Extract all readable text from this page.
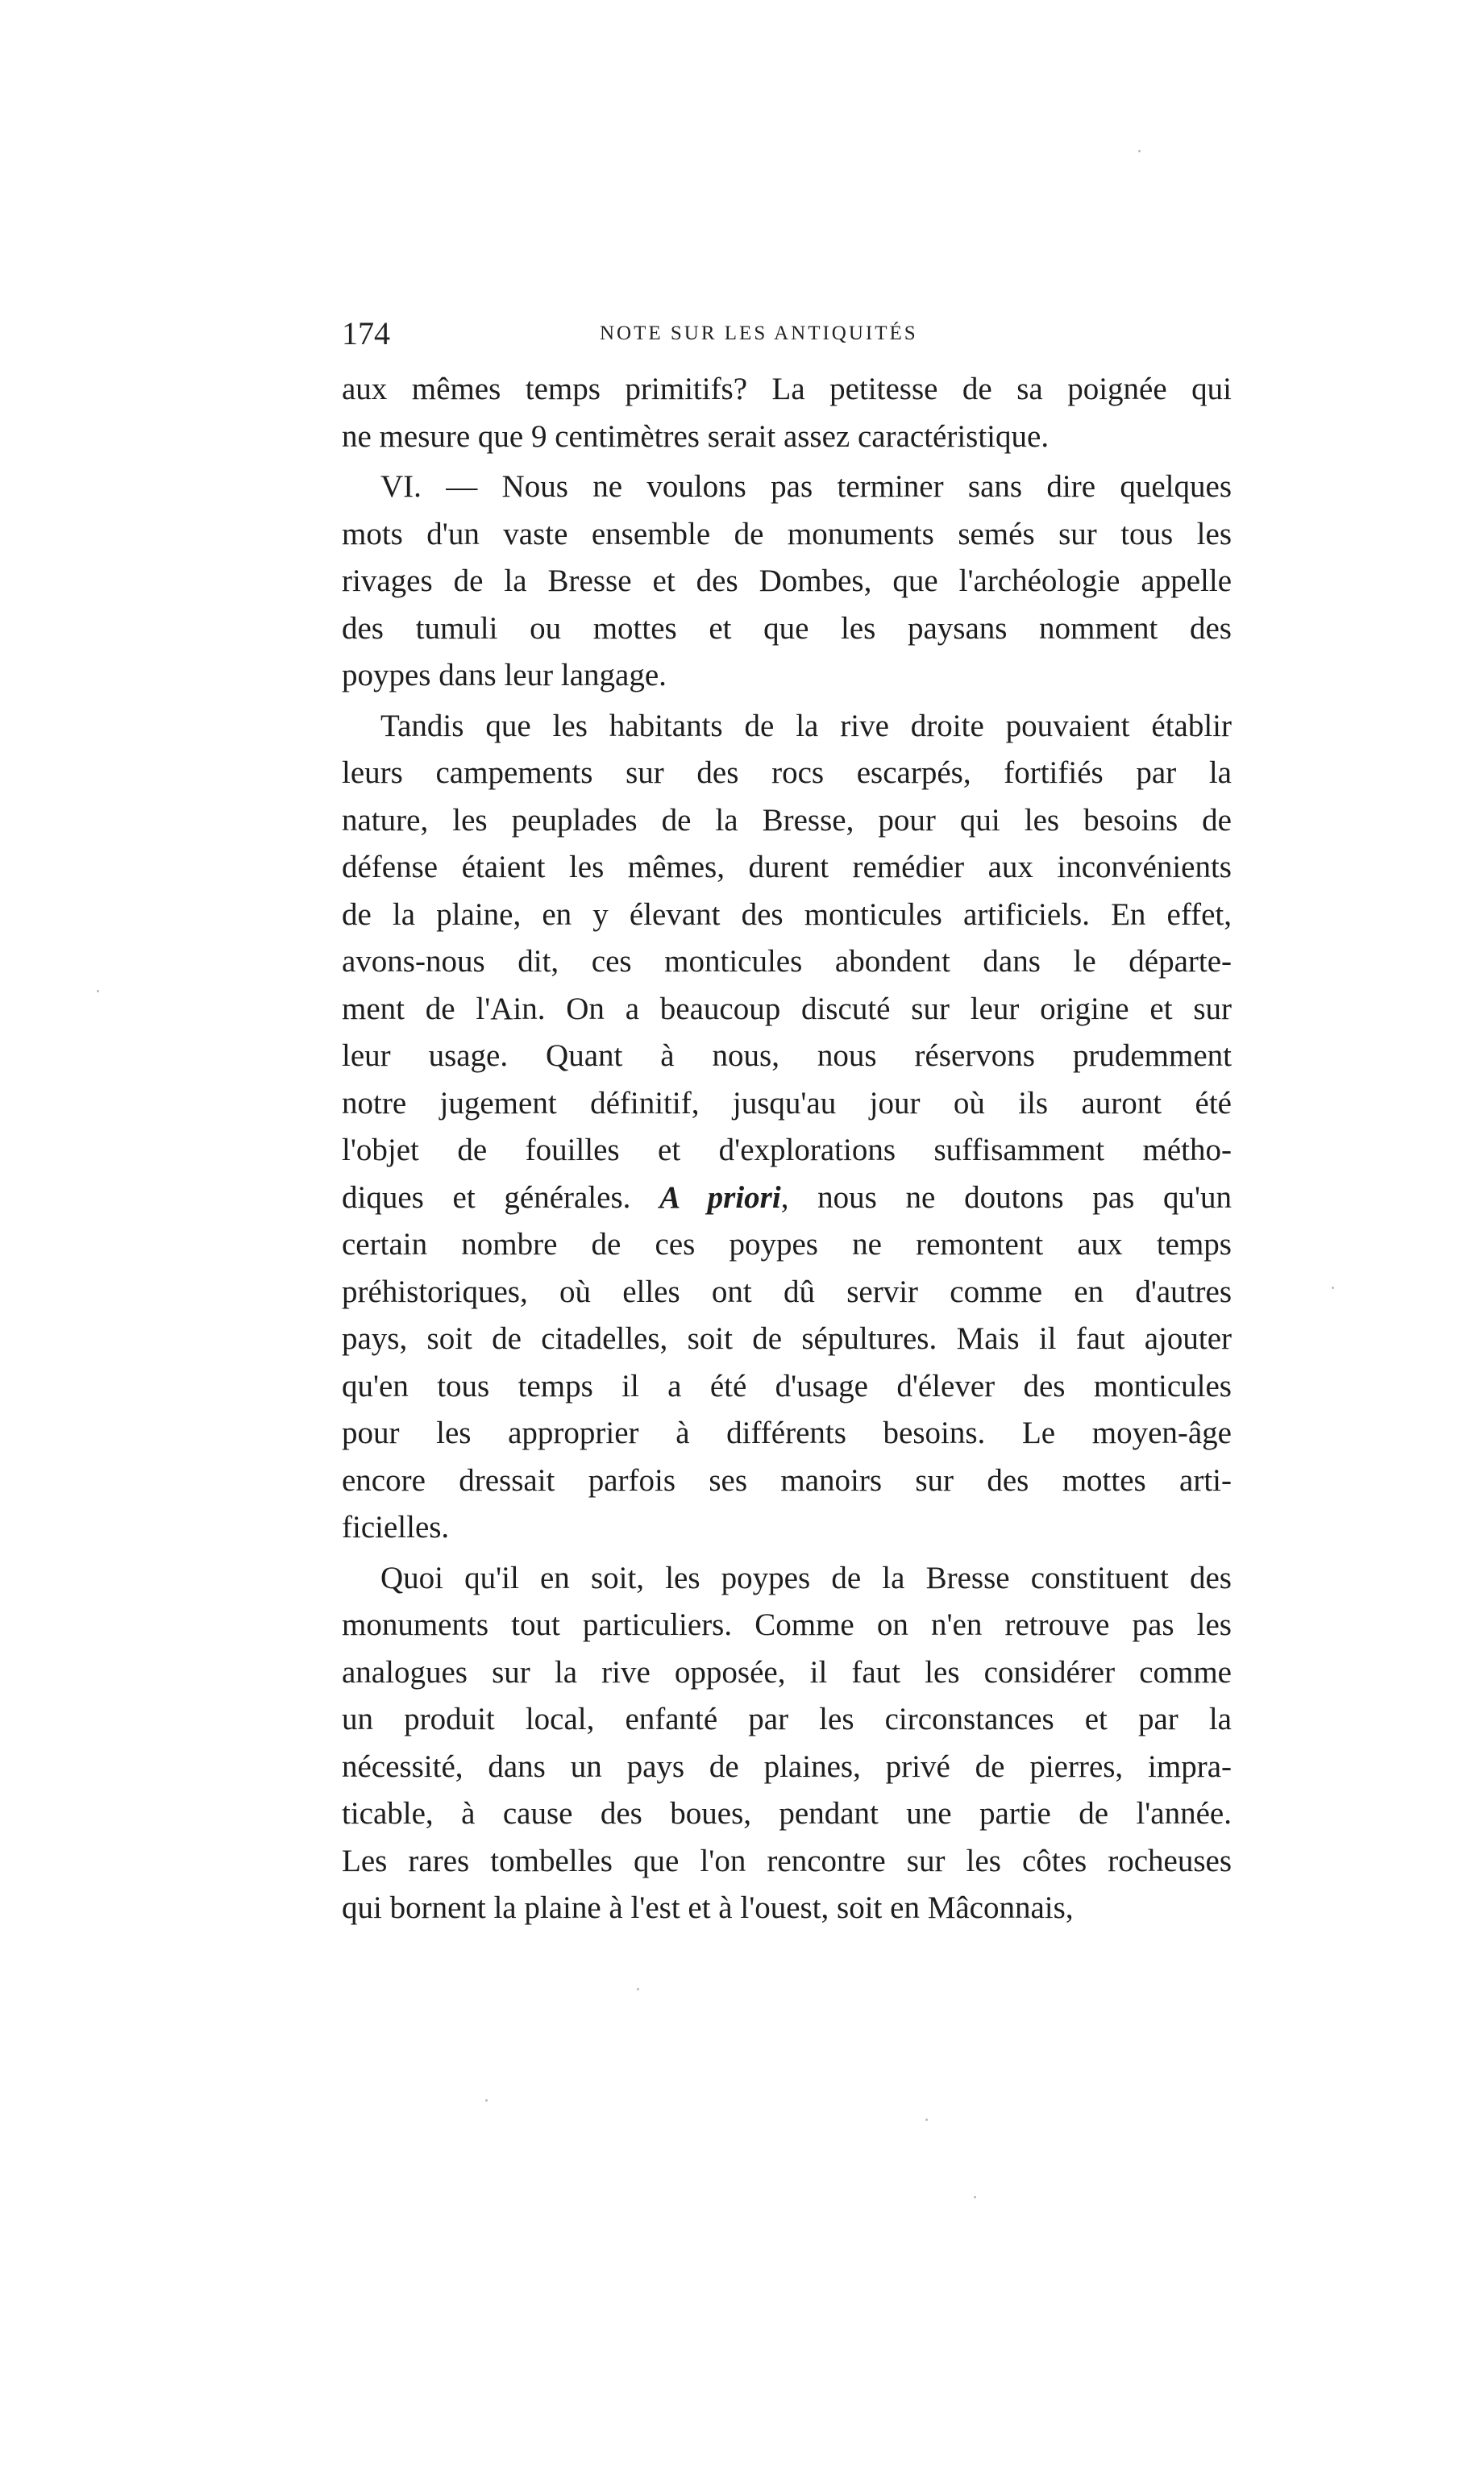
174	NOTE SUR LES ANTIQUITÉS
aux mêmes temps primitifs? La petitesse de sa poignée qui
ne mesure que 9 centimètres serait assez caractéristique.
VI. — Nous ne voulons pas terminer sans dire quelques
mots d'un vaste ensemble de monuments semés sur tous les
rivages de la Bresse et des Dombes, que l'archéologie appelle
des tumuli ou mottes et que les paysans nomment des
poypes dans leur langage.
Tandis que les habitants de la rive droite pouvaient établir
leurs campements sur des rocs escarpés, fortifiés par la
nature, les peuplades de la Bresse, pour qui les besoins de
défense étaient les mêmes, durent remédier aux inconvénients
de la plaine, en y élevant des monticules artificiels. En effet,
avons-nous dit, ces monticules abondent dans le départe-
ment de l'Ain. On a beaucoup discuté sur leur origine et sur
leur usage. Quant à nous, nous réservons prudemment
notre jugement définitif, jusqu'au jour où ils auront été
l'objet de fouilles et d'explorations suffisamment métho-
diques et générales. A priori, nous ne doutons pas qu'un
certain nombre de ces poypes ne remontent aux temps
préhistoriques, où elles ont dû servir comme en d'autres
pays, soit de citadelles, soit de sépultures. Mais il faut ajouter
qu'en tous temps il a été d'usage d'élever des monticules
pour les approprier à différents besoins. Le moyen-âge
encore dressait parfois ses manoirs sur des mottes arti-
ficielles.
Quoi qu'il en soit, les poypes de la Bresse constituent des
monuments tout particuliers. Comme on n'en retrouve pas les
analogues sur la rive opposée, il faut les considérer comme
un produit local, enfanté par les circonstances et par la
nécessité, dans un pays de plaines, privé de pierres, impra-
ticable, à cause des boues, pendant une partie de l'année.
Les rares tombelles que l'on rencontre sur les côtes rocheuses
qui bornent la plaine à l'est et à l'ouest, soit en Mâconnais,
